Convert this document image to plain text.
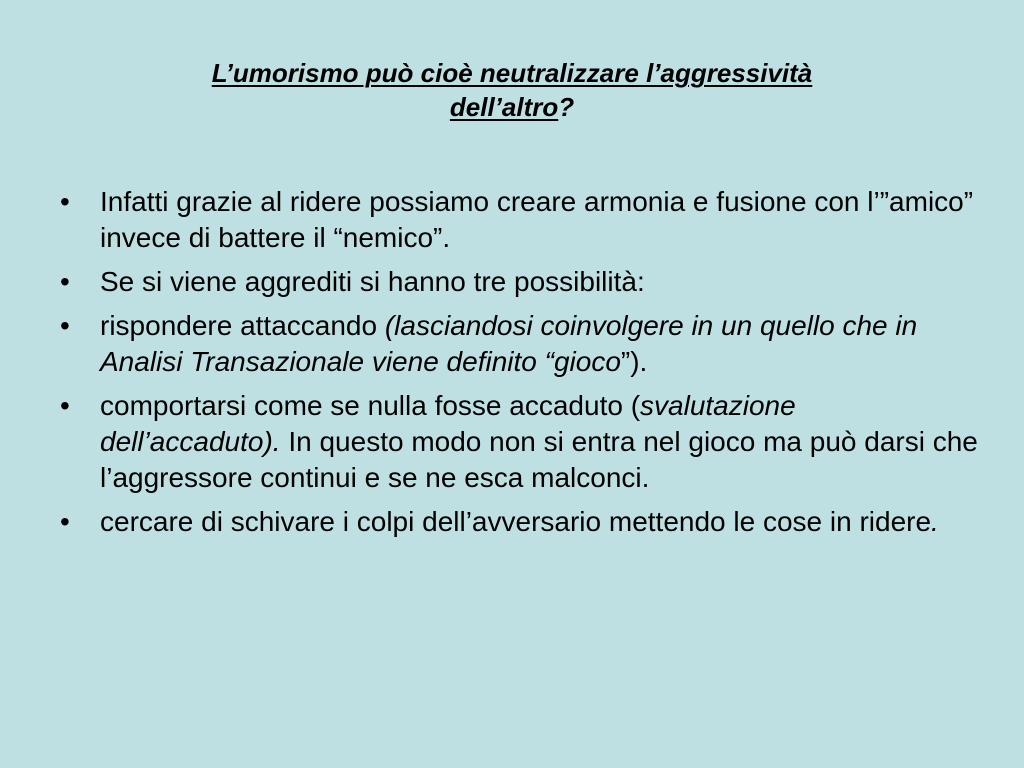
L’umorismo può cioè neutralizzare l’aggressività
dell’altro?
•	Infatti grazie al ridere possiamo creare armonia e fusione con l’”amico” invece di battere il “nemico”.
•	Se si viene aggrediti si hanno tre possibilità:
•	rispondere attaccando (lasciandosi coinvolgere in un quello che in Analisi Transazionale viene definito “gioco”).
•	comportarsi come se nulla fosse accaduto (svalutazione dell’accaduto). In questo modo non si entra nel gioco ma può darsi che l’aggressore continui e se ne esca malconci.
•	cercare di schivare i colpi dell’avversario mettendo le cose in ridere.
